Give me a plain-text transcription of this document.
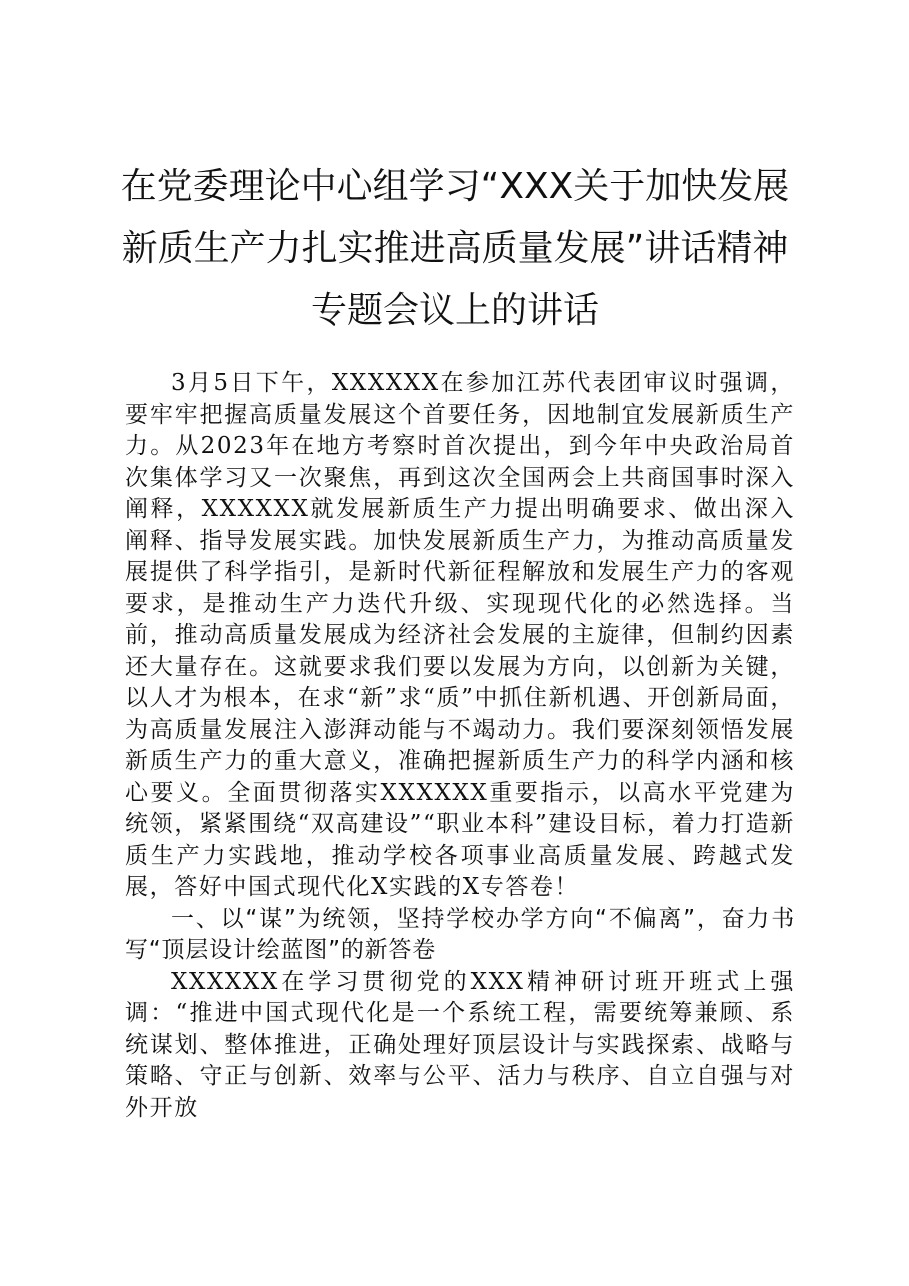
在党委理论中心组学习“XXX关于加快发展新质生产力扎实推进高质量发展”讲话精神专题会议上的讲话

3月5日下午，XXXXXX在参加江苏代表团审议时强调，要牢牢把握高质量发展这个首要任务，因地制宜发展新质生产力。从2023年在地方考察时首次提出，到今年中央政治局首次集体学习又一次聚焦，再到这次全国两会上共商国事时深入阐释，XXXXXX就发展新质生产力提出明确要求、做出深入阐释、指导发展实践。加快发展新质生产力，为推动高质量发展提供了科学指引，是新时代新征程解放和发展生产力的客观要求，是推动生产力迭代升级、实现现代化的必然选择。当前，推动高质量发展成为经济社会发展的主旋律，但制约因素还大量存在。这就要求我们要以发展为方向，以创新为关键，以人才为根本，在求“新”求“质”中抓住新机遇、开创新局面，为高质量发展注入澎湃动能与不竭动力。我们要深刻领悟发展新质生产力的重大意义，准确把握新质生产力的科学内涵和核心要义。全面贯彻落实XXXXXX重要指示，以高水平党建为统领，紧紧围绕“双高建设”“职业本科”建设目标，着力打造新质生产力实践地，推动学校各项事业高质量发展、跨越式发展，答好中国式现代化X实践的X专答卷！

一、以“谋”为统领，坚持学校办学方向“不偏离”，奋力书写“顶层设计绘蓝图”的新答卷

XXXXXX在学习贯彻党的XXX精神研讨班开班式上强调：“推进中国式现代化是一个系统工程，需要统筹兼顾、系统谋划、整体推进，正确处理好顶层设计与实践探索、战略与策略、守正与创新、效率与公平、活力与秩序、自立自强与对外开放
